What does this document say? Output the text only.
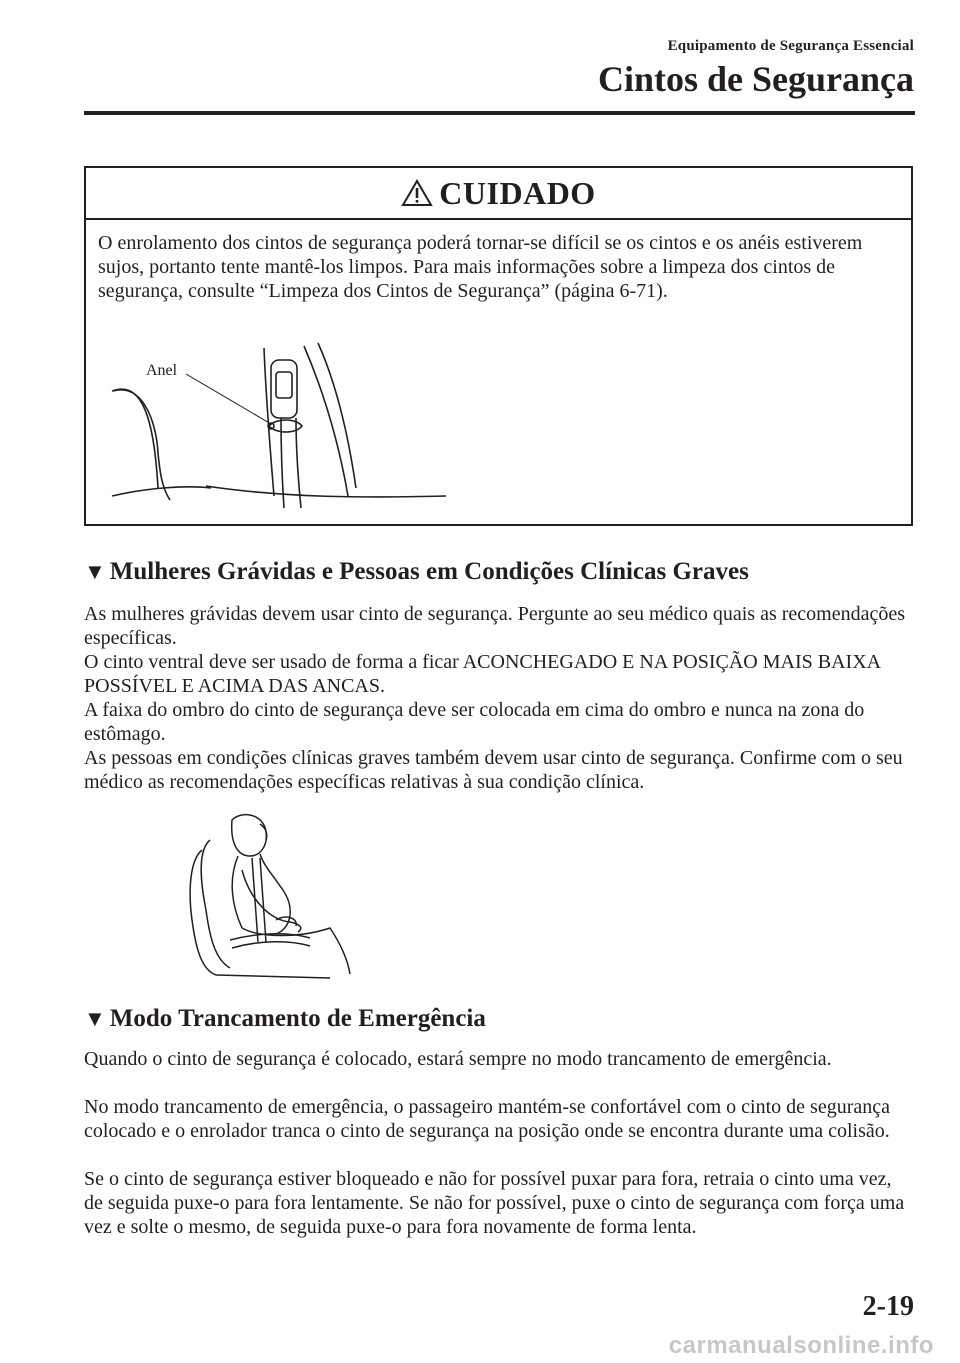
Equipamento de Segurança Essencial
Cintos de Segurança
CUIDADO

O enrolamento dos cintos de segurança poderá tornar-se difícil se os cintos e os anéis estiverem sujos, portanto tente mantê-los limpos. Para mais informações sobre a limpeza dos cintos de segurança, consulte “Limpeza dos Cintos de Segurança” (página 6-71).

Anel
▼ Mulheres Grávidas e Pessoas em Condições Clínicas Graves

As mulheres grávidas devem usar cinto de segurança. Pergunte ao seu médico quais as recomendações específicas.

O cinto ventral deve ser usado de forma a ficar ACONCHEGADO E NA POSIÇÃO MAIS BAIXA POSSÍVEL E ACIMA DAS ANCAS.

A faixa do ombro do cinto de segurança deve ser colocada em cima do ombro e nunca na zona do estômago.

As pessoas em condições clínicas graves também devem usar cinto de segurança. Confirme com o seu médico as recomendações específicas relativas à sua condição clínica.

▼ Modo Trancamento de Emergência

Quando o cinto de segurança é colocado, estará sempre no modo trancamento de emergência.

No modo trancamento de emergência, o passageiro mantém-se confortável com o cinto de segurança colocado e o enrolador tranca o cinto de segurança na posição onde se encontra durante uma colisão.

Se o cinto de segurança estiver bloqueado e não for possível puxar para fora, retraia o cinto uma vez, de seguida puxe-o para fora lentamente. Se não for possível, puxe o cinto de segurança com força uma vez e solte o mesmo, de seguida puxe-o para fora novamente de forma lenta.

2-19
carmanualsonline.info
